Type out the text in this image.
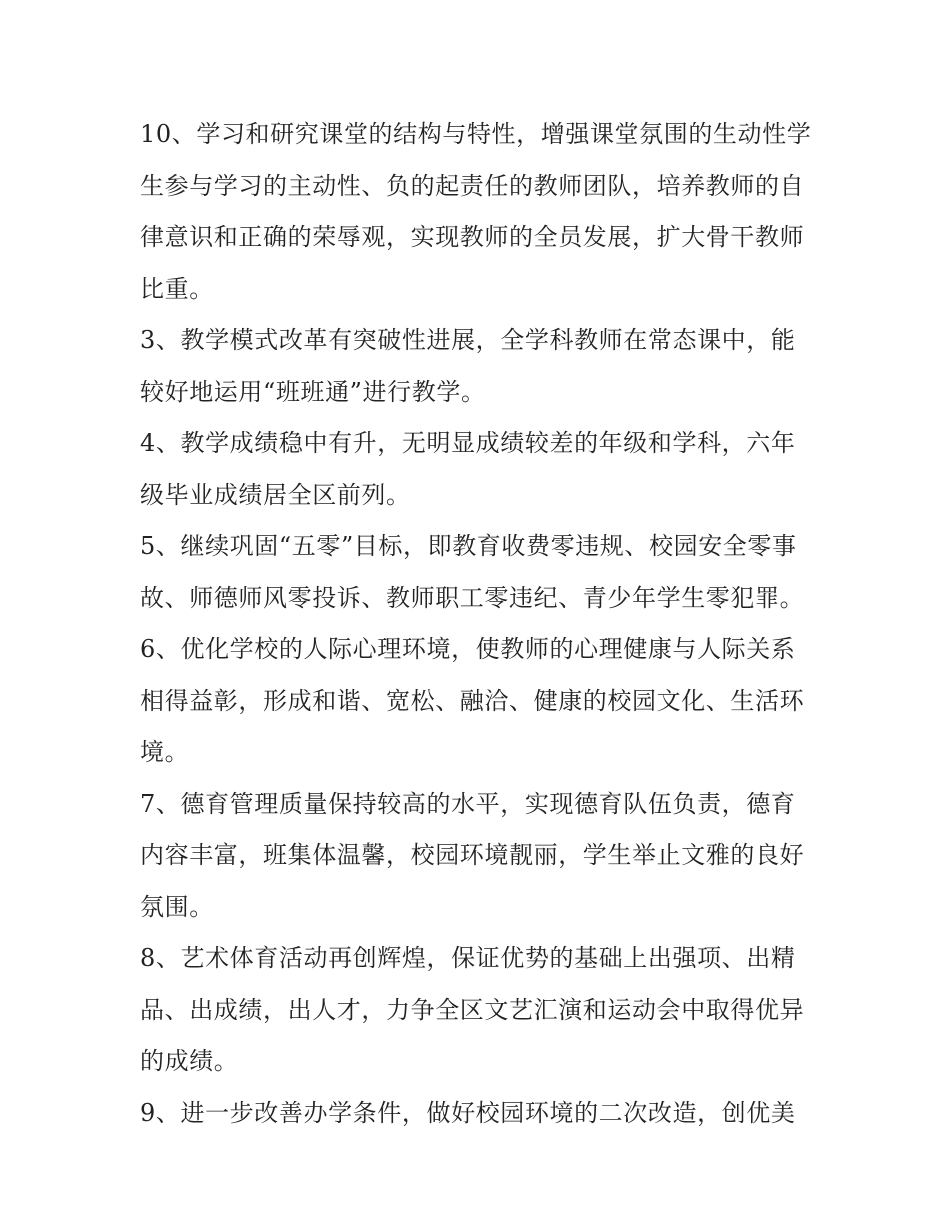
10、学习和研究课堂的结构与特性，增强课堂氛围的生动性学
生参与学习的主动性、负的起责任的教师团队，培养教师的自
律意识和正确的荣辱观，实现教师的全员发展，扩大骨干教师
比重。

3、教学模式改革有突破性进展，全学科教师在常态课中，能
较好地运用“班班通”进行教学。

4、教学成绩稳中有升，无明显成绩较差的年级和学科，六年
级毕业成绩居全区前列。

5、继续巩固“五零”目标，即教育收费零违规、校园安全零事
故、师德师风零投诉、教师职工零违纪、青少年学生零犯罪。

6、优化学校的人际心理环境，使教师的心理健康与人际关系
相得益彰，形成和谐、宽松、融洽、健康的校园文化、生活环
境。

7、德育管理质量保持较高的水平，实现德育队伍负责，德育
内容丰富，班集体温馨，校园环境靓丽，学生举止文雅的良好
氛围。

8、艺术体育活动再创辉煌，保证优势的基础上出强项、出精
品、出成绩，出人才，力争全区文艺汇演和运动会中取得优异
的成绩。

9、进一步改善办学条件，做好校园环境的二次改造，创优美
